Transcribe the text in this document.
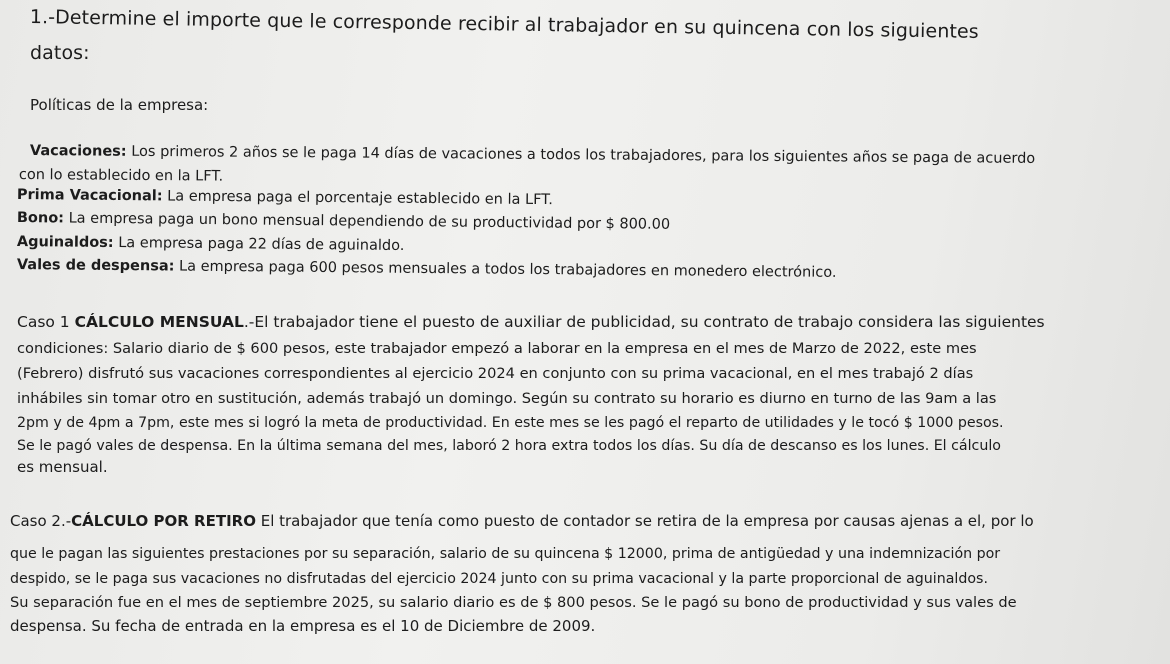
1.-Determine el importe que le corresponde recibir al trabajador en su quincena con los siguientes
datos:
Políticas de la empresa:
Vacaciones: Los primeros 2 años se le paga 14 días de vacaciones a todos los trabajadores, para los siguientes años se paga de acuerdo
con lo establecido en la LFT.
Prima Vacacional: La empresa paga el porcentaje establecido en la LFT.
Bono: La empresa paga un bono mensual dependiendo de su productividad por $ 800.00
Aguinaldos: La empresa paga 22 días de aguinaldo.
Vales de despensa: La empresa paga 600 pesos mensuales a todos los trabajadores en monedero electrónico.
Caso 1 CÁLCULO MENSUAL.-El trabajador tiene el puesto de auxiliar de publicidad, su contrato de trabajo considera las siguientes
condiciones: Salario diario de $ 600 pesos, este trabajador empezó a laborar en la empresa en el mes de Marzo de 2022, este mes
(Febrero) disfrutó sus vacaciones correspondientes al ejercicio 2024 en conjunto con su prima vacacional, en el mes trabajó 2 días
inhábiles sin tomar otro en sustitución, además trabajó un domingo. Según su contrato su horario es diurno en turno de las 9am a las
2pm y de 4pm a 7pm, este mes si logró la meta de productividad. En este mes se les pagó el reparto de utilidades y le tocó $ 1000 pesos.
Se le pagó vales de despensa. En la última semana del mes, laboró 2 hora extra todos los días. Su día de descanso es los lunes. El cálculo
es mensual.
Caso 2.-CÁLCULO POR RETIRO El trabajador que tenía como puesto de contador se retira de la empresa por causas ajenas a el, por lo
que le pagan las siguientes prestaciones por su separación, salario de su quincena $ 12000, prima de antigüedad y una indemnización por
despido, se le paga sus vacaciones no disfrutadas del ejercicio 2024 junto con su prima vacacional y la parte proporcional de aguinaldos.
Su separación fue en el mes de septiembre 2025, su salario diario es de $ 800 pesos. Se le pagó su bono de productividad y sus vales de
despensa. Su fecha de entrada en la empresa es el 10 de Diciembre de 2009.
